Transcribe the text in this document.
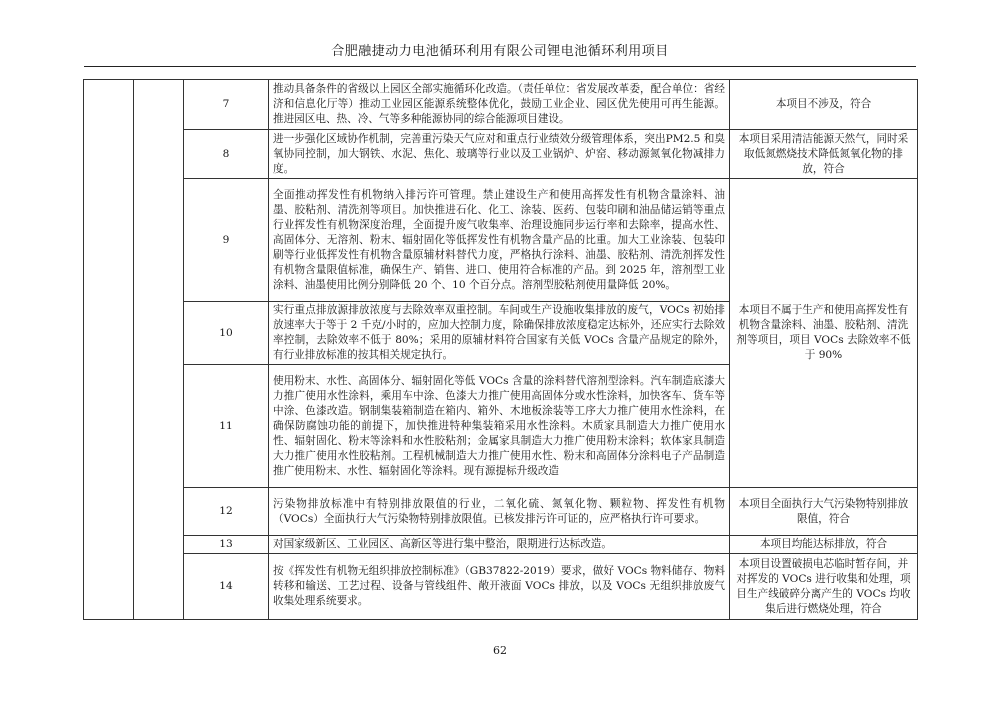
合肥融捷动力电池循环利用有限公司锂电池循环利用项目
		7	推动具备条件的省级以上园区全部实施循环化改造。（责任单位：省发展改革委，配合单位：省经济和信息化厅等）推动工业园区能源系统整体优化，鼓励工业企业、园区优先使用可再生能源。推进园区电、热、冷、气等多种能源协同的综合能源项目建设。	本项目不涉及，符合
		8	进一步强化区域协作机制，完善重污染天气应对和重点行业绩效分级管理体系，突出PM2.5 和臭氧协同控制，加大钢铁、水泥、焦化、玻璃等行业以及工业锅炉、炉窑、移动源氮氧化物减排力度。	本项目采用清洁能源天然气，同时采取低氮燃烧技术降低氮氧化物的排放，符合
		9	全面推动挥发性有机物纳入排污许可管理。禁止建设生产和使用高挥发性有机物含量涂料、油墨、胶粘剂、清洗剂等项目。加快推进石化、化工、涂装、医药、包装印刷和油品储运销等重点行业挥发性有机物深度治理，全面提升废气收集率、治理设施同步运行率和去除率，提高水性、高固体分、无溶剂、粉末、辐射固化等低挥发性有机物含量产品的比重。加大工业涂装、包装印刷等行业低挥发性有机物含量原辅材料替代力度，严格执行涂料、油墨、胶粘剂、清洗剂挥发性有机物含量限值标准，确保生产、销售、进口、使用符合标准的产品。到 2025 年，溶剂型工业涂料、油墨使用比例分别降低 20 个、10 个百分点。溶剂型胶粘剂使用量降低 20%。	本项目不属于生产和使用高挥发性有机物含量涂料、油墨、胶粘剂、清洗剂等项目，项目 VOCs 去除效率不低于 90%
		10	实行重点排放源排放浓度与去除效率双重控制。车间或生产设施收集排放的废气，VOCs 初始排放速率大于等于 2 千克/小时的，应加大控制力度，除确保排放浓度稳定达标外，还应实行去除效率控制，去除效率不低于 80%；采用的原辅材料符合国家有关低 VOCs 含量产品规定的除外，有行业排放标准的按其相关规定执行。	
		11	使用粉末、水性、高固体分、辐射固化等低 VOCs 含量的涂料替代溶剂型涂料。汽车制造底漆大力推广使用水性涂料，乘用车中涂、色漆大力推广使用高固体分或水性涂料，加快客车、货车等中涂、色漆改造。钢制集装箱制造在箱内、箱外、木地板涂装等工序大力推广使用水性涂料，在确保防腐蚀功能的前提下，加快推进特种集装箱采用水性涂料。木质家具制造大力推广使用水性、辐射固化、粉末等涂料和水性胶粘剂；金属家具制造大力推广使用粉末涂料；软体家具制造大力推广使用水性胶粘剂。工程机械制造大力推广使用水性、粉末和高固体分涂料电子产品制造推广使用粉末、水性、辐射固化等涂料。现有源提标升级改造	
		12	污染物排放标准中有特别排放限值的行业，二氧化硫、氮氧化物、颗粒物、挥发性有机物（VOCs）全面执行大气污染物特别排放限值。已核发排污许可证的，应严格执行许可要求。	本项目全面执行大气污染物特别排放限值，符合
		13	对国家级新区、工业园区、高新区等进行集中整治，限期进行达标改造。	本项目均能达标排放，符合
		14	按《挥发性有机物无组织排放控制标准》（GB37822-2019）要求，做好 VOCs 物料储存、物料转移和输送、工艺过程、设备与管线组件、敞开液面 VOCs 排放，以及 VOCs 无组织排放废气收集处理系统要求。	本项目设置破损电芯临时暂存间，并对挥发的 VOCs 进行收集和处理，项目生产线破碎分离产生的 VOCs 均收集后进行燃烧处理，符合
62
